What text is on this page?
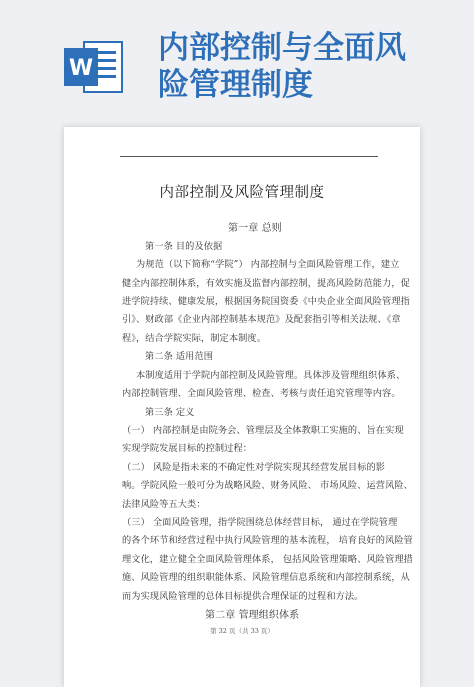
W
内部控制与全面风
险管理制度
内部控制及风险管理制度
第一章 总则
第一条 目的及依据
为规范（以下简称“学院”） 内部控制与全面风险管理工作，建立
健全内部控制体系，有效实施及监督内部控制，提高风险防范能力，促
进学院持续、健康发展，根据国务院国资委《中央企业全面风险管理指
引》、财政部《企业内部控制基本规范》及配套指引等相关法规、《章
程》，结合学院实际，制定本制度。
第二条 适用范围
本制度适用于学院内部控制及风险管理。具体涉及管理组织体系、
内部控制管理、全面风险管理、检查、考核与责任追究管理等内容。
第三条 定义
（一） 内部控制是由院务会、管理层及全体教职工实施的、旨在实现
实现学院发展目标的控制过程：
（二） 风险是指未来的不确定性对学院实现其经营发展目标的影
响。学院风险一般可分为战略风险、财务风险、 市场风险、运营风险、
法律风险等五大类：
（三） 全面风险管理，指学院围绕总体经营目标， 通过在学院管理
的各个环节和经营过程中执行风险管理的基本流程， 培育良好的风险管
理文化，建立健全全面风险管理体系， 包括风险管理策略、风险管理措
施、风险管理的组织职能体系、风险管理信息系统和内部控制系统，从
而为实现风险管理的总体目标提供合理保证的过程和方法。
第二章 管理组织体系
第 32 页（共 33 页）
